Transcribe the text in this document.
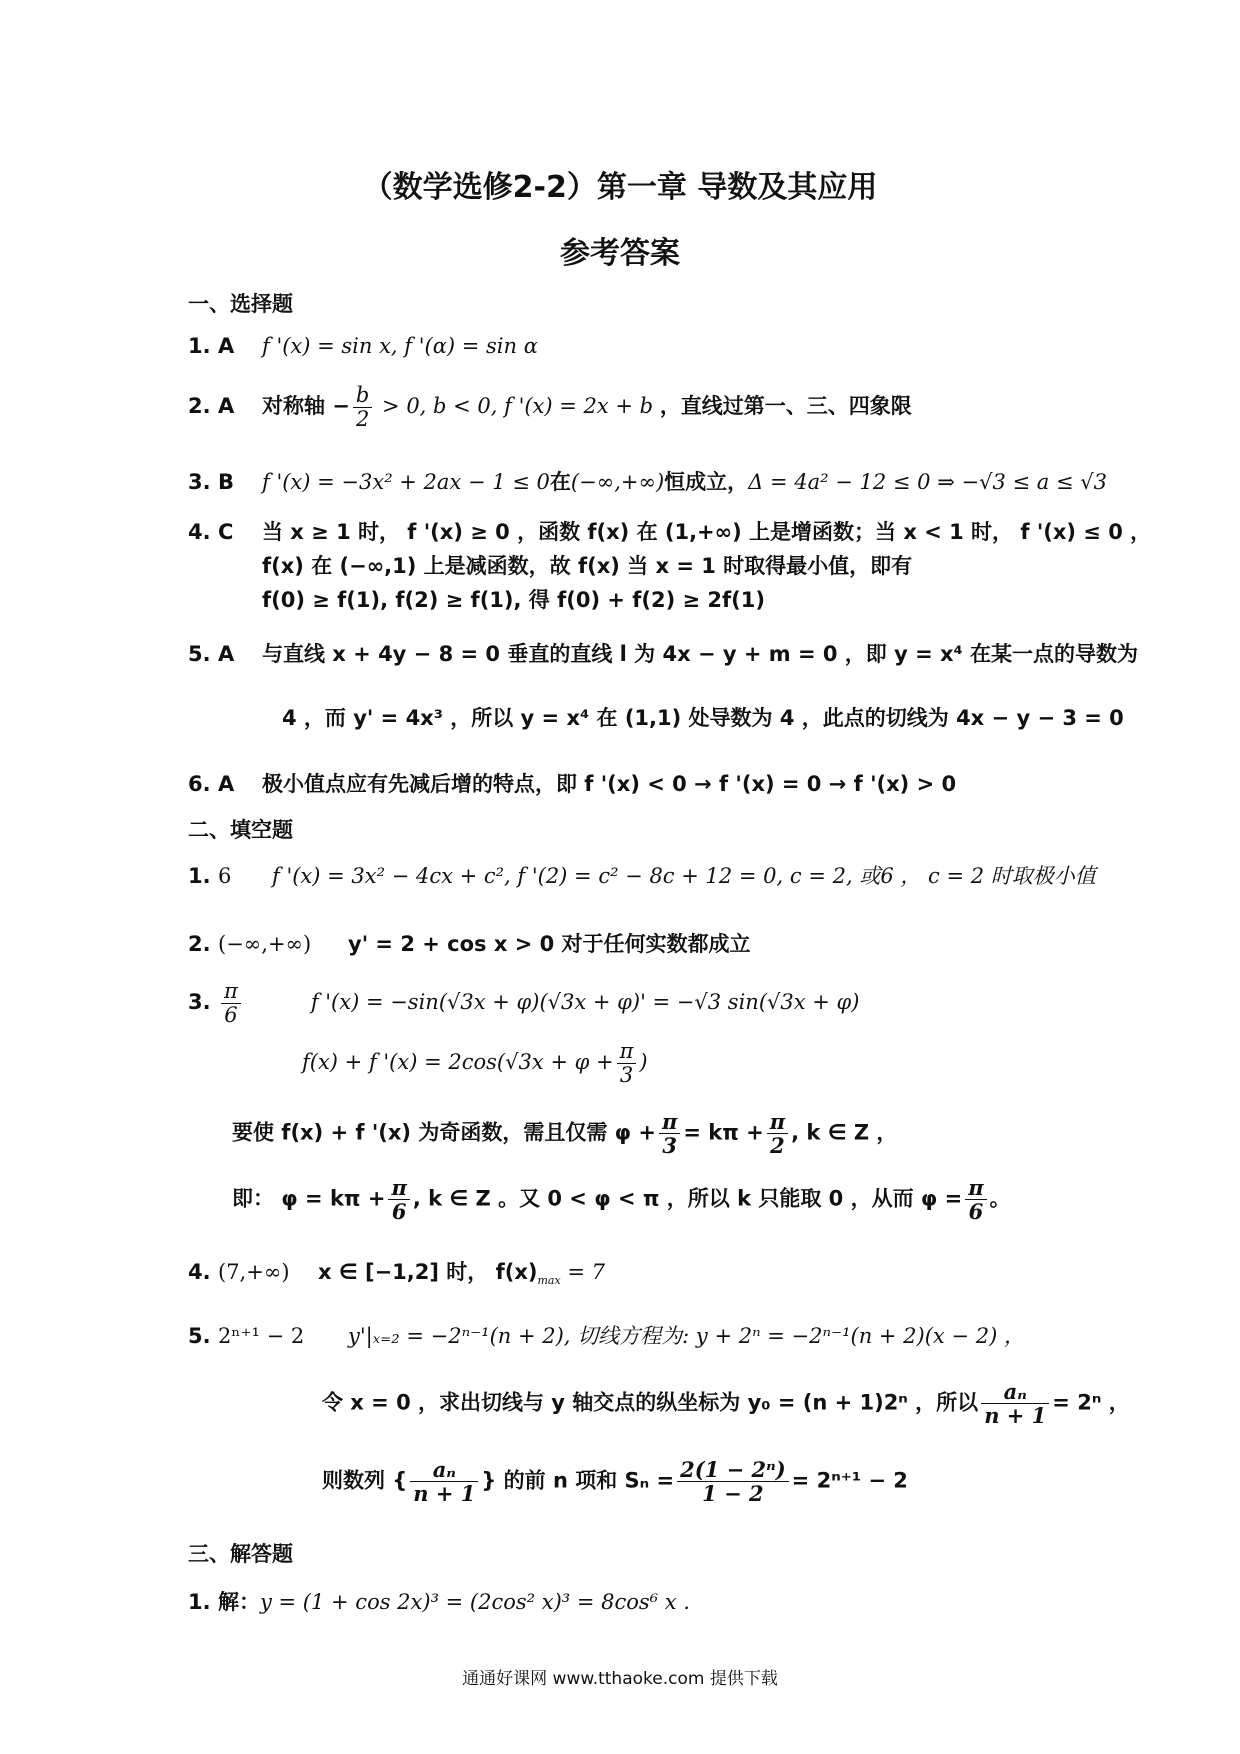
（数学选修2-2）第一章 导数及其应用
参考答案
一、选择题
1. A f '(x) = sin x, f '(α) = sin α
2. A 对称轴 − $\frac{b}{2} > 0$, b < 0, f '(x) = 2x + b ，直线过第一、三、四象限
3. B f '(x) = −3x² + 2ax − 1 ≤ 0在(−∞,+∞)恒成立，Δ = 4a² − 12 ≤ 0 ⇒ −√3 ≤ a ≤ √3
4. C 当 x ≥ 1 时， f '(x) ≥ 0 ，函数 f(x) 在 (1,+∞) 上是增函数；当 x < 1 时， f '(x) ≤ 0 ，
f(x) 在 (−∞,1) 上是减函数，故 f(x) 当 x = 1 时取得最小值，即有
f(0) ≥ f(1), f(2) ≥ f(1), 得 f(0) + f(2) ≥ 2f(1)
5. A 与直线 x + 4y − 8 = 0 垂直的直线 l 为 4x − y + m = 0 ，即 y = x⁴ 在某一点的导数为
4 ，而 y' = 4x³ ，所以 y = x⁴ 在 (1,1) 处导数为 4 ，此点的切线为 4x − y − 3 = 0
6. A 极小值点应有先减后增的特点，即 f '(x) < 0 → f '(x) = 0 → f '(x) > 0
二、填空题
1. 6 f '(x) = 3x² − 4cx + c², f '(2) = c² − 8c + 12 = 0, c = 2, 或6 ， c = 2 时取极小值
2. (−∞,+∞) y' = 2 + cos x > 0 对于任何实数都成立
3. $\frac{\pi}{6}$	f '(x) = −sin(√3x + φ)(√3x + φ)' = −√3 sin(√3x + φ)
f(x) + f '$(x) = 2\cos(√3x + \varphi + \frac{\pi}{3}$ )
要使 f(x) + f '(x) 为奇函数，需且仅需 $\varphi + \frac{\pi}{3} = k\pi + \frac{\pi}{2}$ , k ∈ Z ，
即： $\varphi = k\pi + \frac{\pi}{6}$ , k ∈ Z 。又 0 < φ < π ，所以 k 只能取 0 ，从而 $\varphi = \frac{\pi}{6}$ 。
4. (7,+∞) x ∈ [−1,2] 时， $f(x)_{max} = 7$
5. 2ⁿ⁺¹ − 2 y'|ₓ₌₂ = −2ⁿ⁻¹(n + 2), 切线方程为: y + 2ⁿ = −2ⁿ⁻¹(n + 2)(x − 2) ，
令 x = 0 ，求出切线与 y 轴交点的纵坐标为 y₀ = (n + 1)2ⁿ ，所以 $\frac{\text{aₙ}}{n + 1} = 2^n$ ，
则数列 { $\frac{\text{aₙ}}{n + 1}$ } 的前 n 项和 $S_n = \frac{\text{2(1 − 2ⁿ)}}{1 - 2} = 2^{n+1} - 2$
三、解答题
1. 解：y = (1 + cos 2x)³ = (2cos² x)³ = 8cos⁶ x .
通通好课网 www.tthaoke.com 提供下载
